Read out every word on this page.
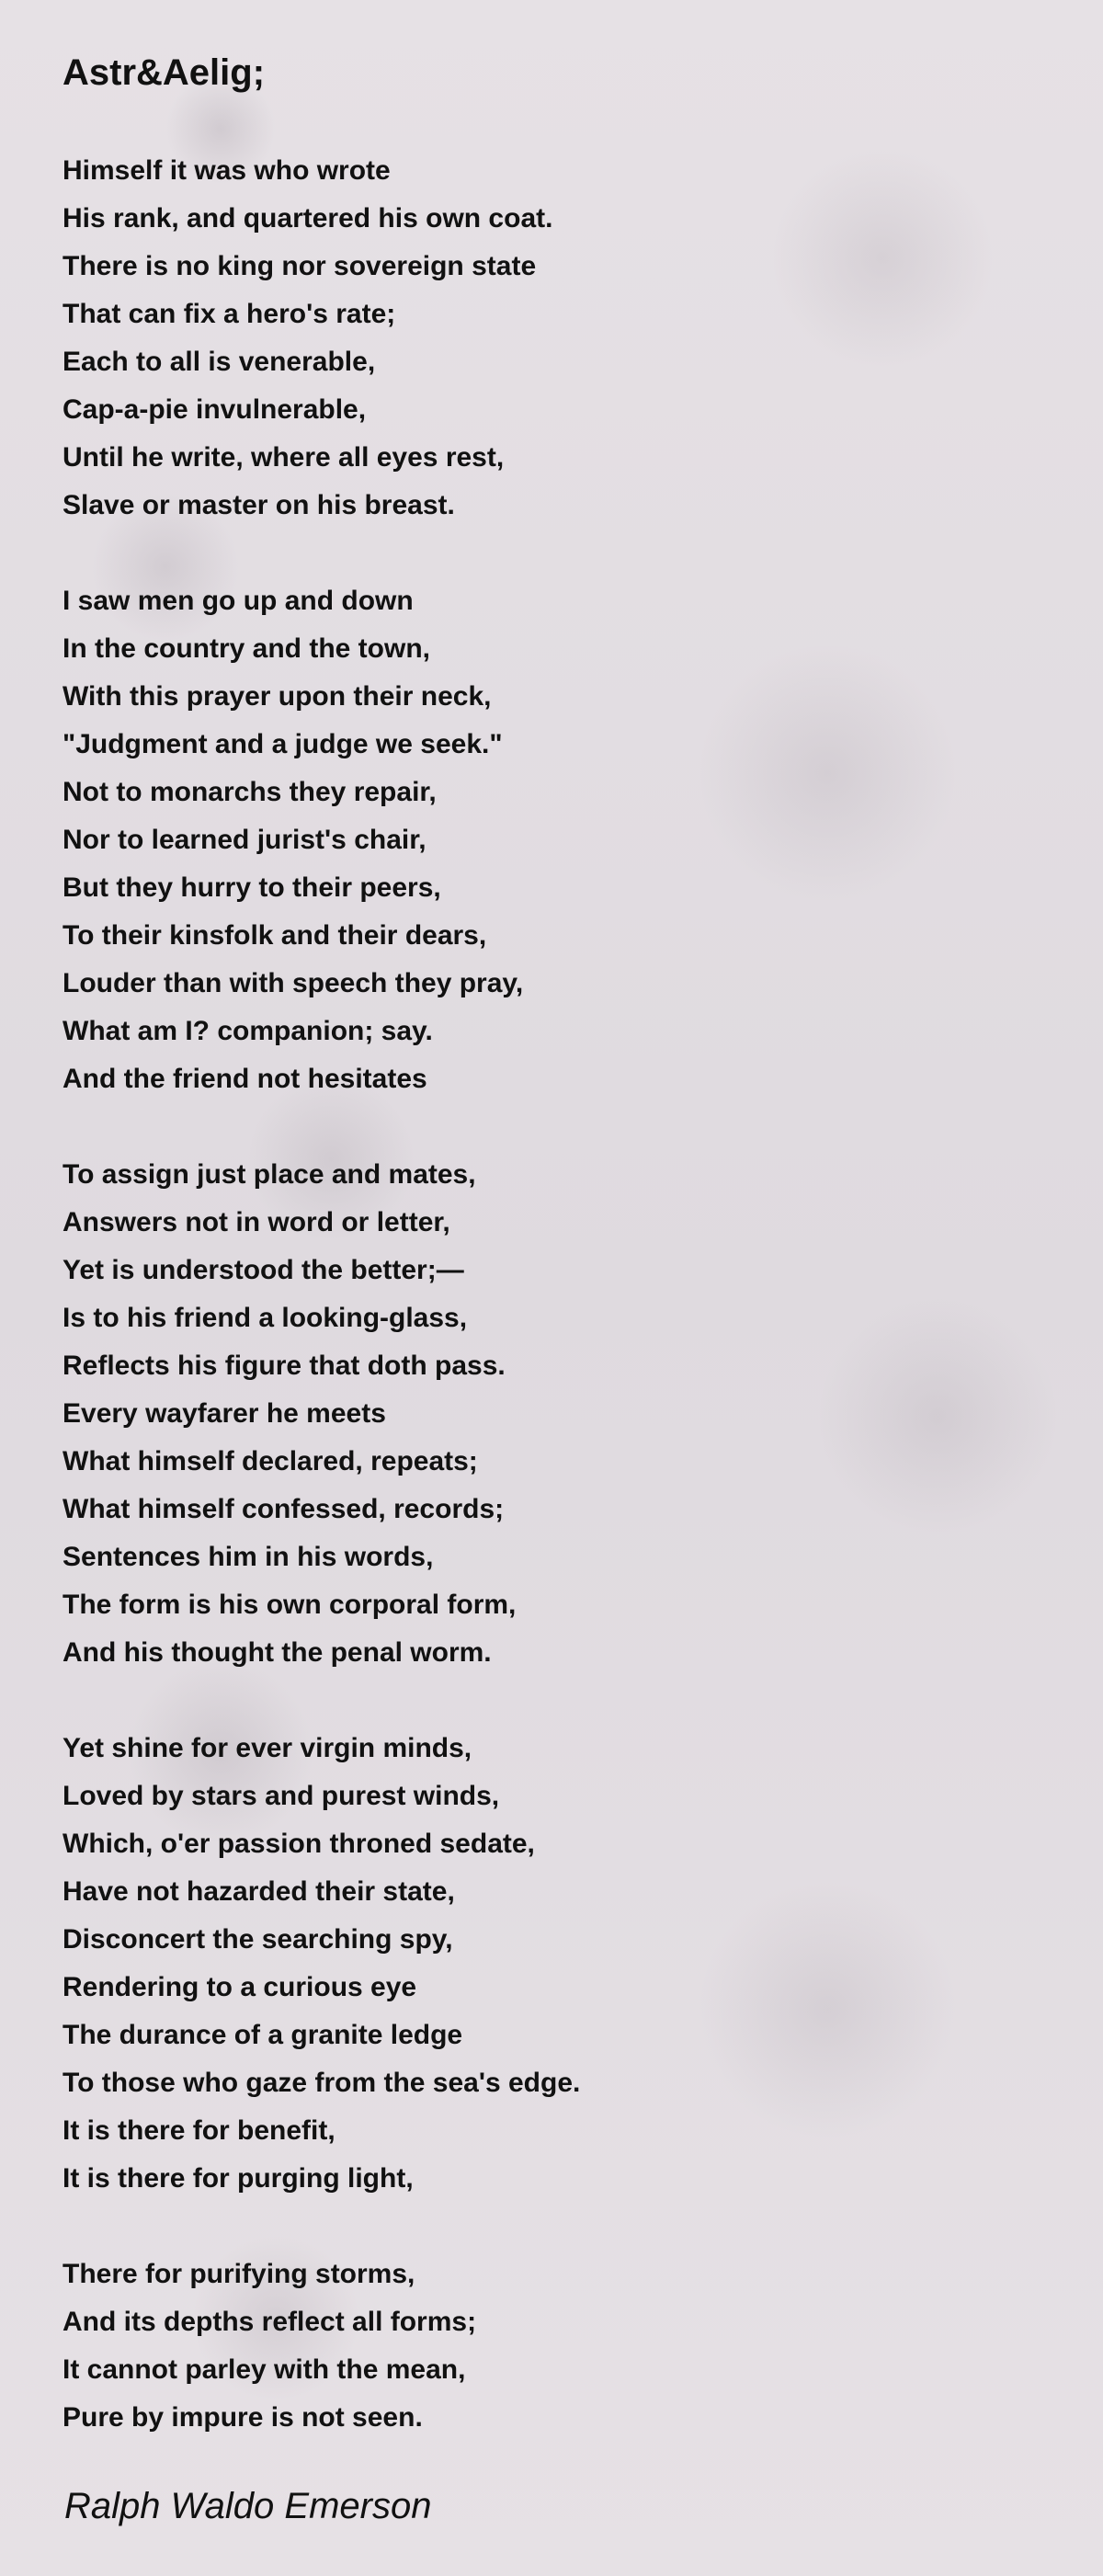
Astr&Aelig;
Himself it was who wrote
His rank, and quartered his own coat.
There is no king nor sovereign state
That can fix a hero's rate;
Each to all is venerable,
Cap-a-pie invulnerable,
Until he write, where all eyes rest,
Slave or master on his breast.
I saw men go up and down
In the country and the town,
With this prayer upon their neck,
"Judgment and a judge we seek."
Not to monarchs they repair,
Nor to learned jurist's chair,
But they hurry to their peers,
To their kinsfolk and their dears,
Louder than with speech they pray,
What am I? companion; say.
And the friend not hesitates
To assign just place and mates,
Answers not in word or letter,
Yet is understood the better;—
Is to his friend a looking-glass,
Reflects his figure that doth pass.
Every wayfarer he meets
What himself declared, repeats;
What himself confessed, records;
Sentences him in his words,
The form is his own corporal form,
And his thought the penal worm.
Yet shine for ever virgin minds,
Loved by stars and purest winds,
Which, o'er passion throned sedate,
Have not hazarded their state,
Disconcert the searching spy,
Rendering to a curious eye
The durance of a granite ledge
To those who gaze from the sea's edge.
It is there for benefit,
It is there for purging light,
There for purifying storms,
And its depths reflect all forms;
It cannot parley with the mean,
Pure by impure is not seen.
Ralph Waldo Emerson
